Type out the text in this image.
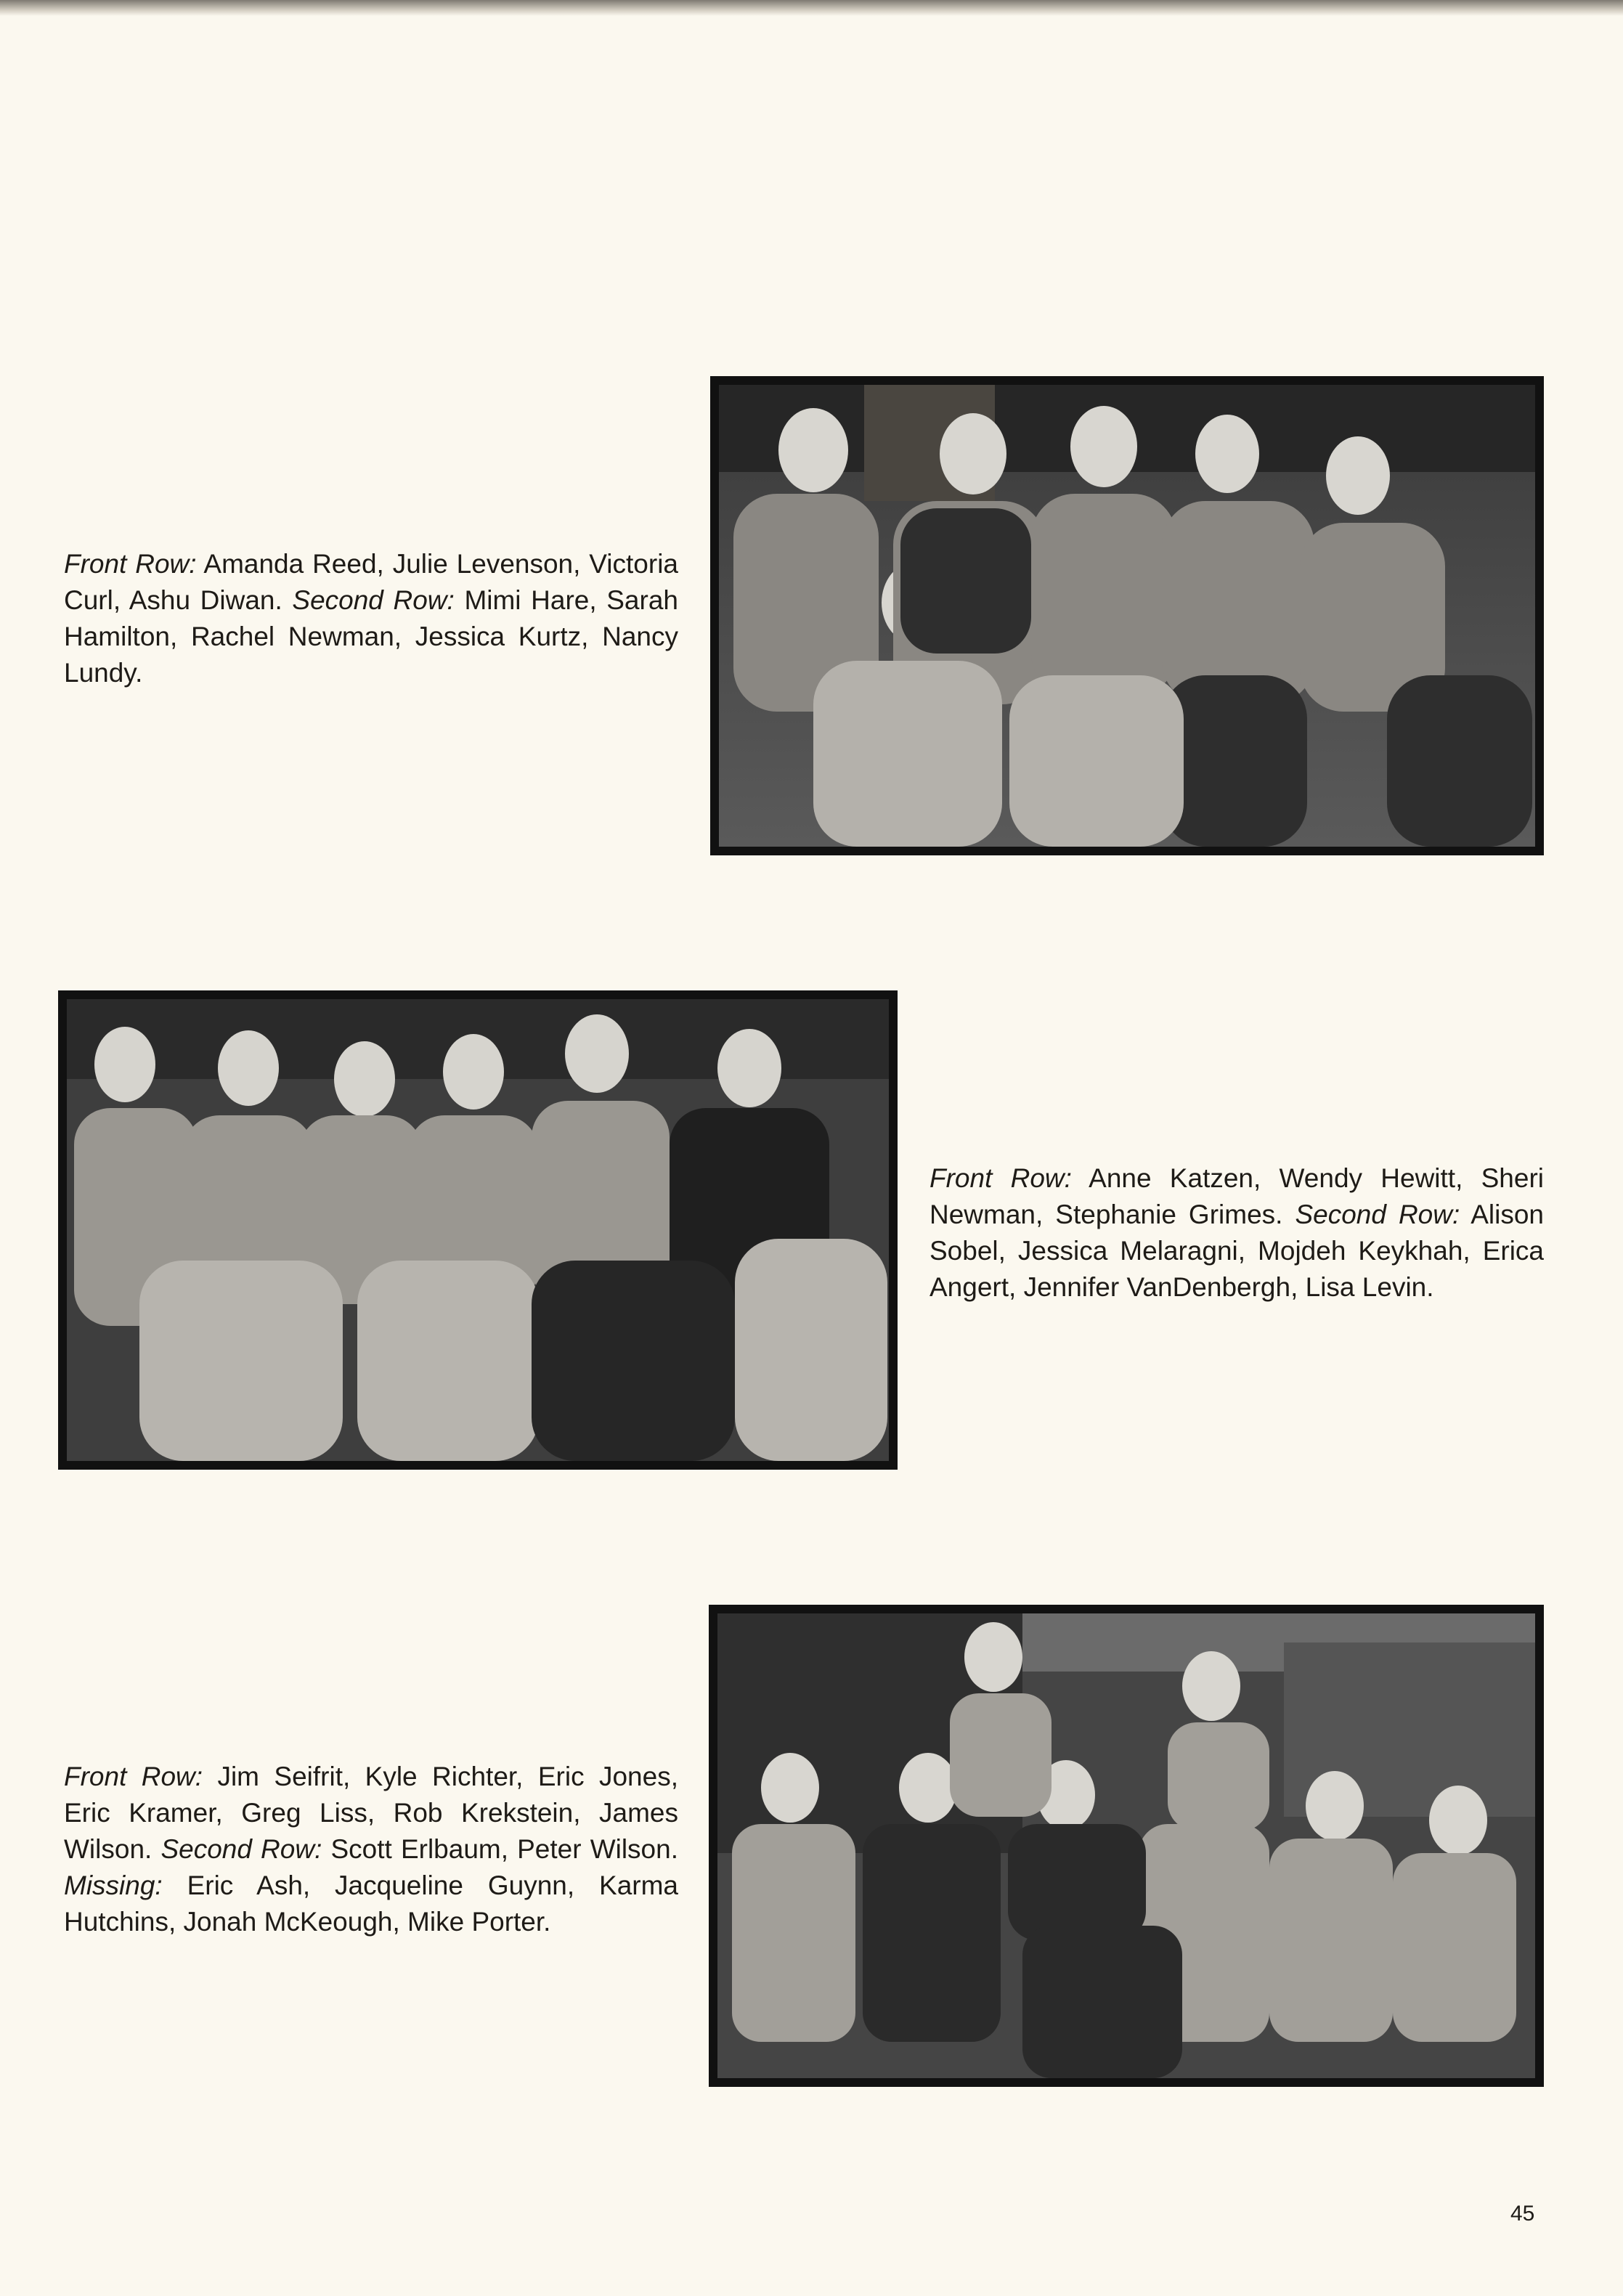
Front Row: Amanda Reed, Julie Levenson, Victoria Curl, Ashu Diwan. Second Row: Mimi Hare, Sarah Hamilton, Rachel Newman, Jessica Kurtz, Nancy Lundy.
Front Row: Anne Katzen, Wendy Hewitt, Sheri Newman, Stephanie Grimes. Second Row: Alison Sobel, Jessica Melaragni, Mojdeh Keykhah, Erica Angert, Jennifer VanDenbergh, Lisa Levin.
Front Row: Jim Seifrit, Kyle Richter, Eric Jones, Eric Kramer, Greg Liss, Rob Krekstein, James Wilson. Second Row: Scott Erlbaum, Peter Wilson. Missing: Eric Ash, Jacqueline Guynn, Karma Hutchins, Jonah McKeough, Mike Porter.
45
